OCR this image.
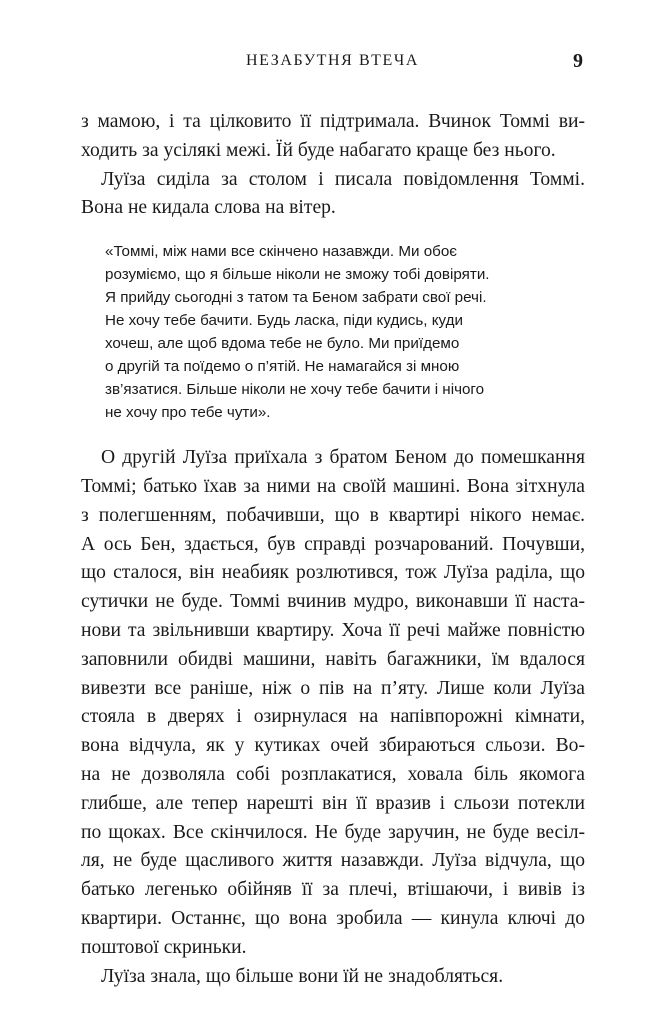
НЕЗАБУТНЯ ВТЕЧА	9

з мамою, і та цілковито її підтримала. Вчинок Томмі ви-
ходить за усілякі межі. Їй буде набагато краще без нього.

Луїза сиділа за столом і писала повідомлення Томмі.
Вона не кидала слова на вітер.

«Томмі, між нами все скінчено назавжди. Ми обоє
розуміємо, що я більше ніколи не зможу тобі довіряти.
Я прийду сьогодні з татом та Беном забрати свої речі.
Не хочу тебе бачити. Будь ласка, піди кудись, куди
хочеш, але щоб вдома тебе не було. Ми приїдемо
о другій та поїдемо о п’ятій. Не намагайся зі мною
зв’язатися. Більше ніколи не хочу тебе бачити і нічого
не хочу про тебе чути».

О другій Луїза приїхала з братом Беном до помешкання
Томмі; батько їхав за ними на своїй машині. Вона зітхнула
з полегшенням, побачивши, що в квартирі нікого немає.
А ось Бен, здається, був справді розчарований. Почувши,
що сталося, він неабияк розлютився, тож Луїза раділа, що
сутички не буде. Томмі вчинив мудро, виконавши її наста-
нови та звільнивши квартиру. Хоча її речі майже повністю
заповнили обидві машини, навіть багажники, їм вдалося
вивезти все раніше, ніж о пів на п’яту. Лише коли Луїза
стояла в дверях і озирнулася на напівпорожні кімнати,
вона відчула, як у кутиках очей збираються сльози. Во-
на не дозволяла собі розплакатися, ховала біль якомога
глибше, але тепер нарешті він її вразив і сльози потекли
по щоках. Все скінчилося. Не буде заручин, не буде весіл-
ля, не буде щасливого життя назавжди. Луїза відчула, що
батько легенько обійняв її за плечі, втішаючи, і вивів із
квартири. Останнє, що вона зробила — кинула ключі до
поштової скриньки.

Луїза знала, що більше вони їй не знадобляться.
